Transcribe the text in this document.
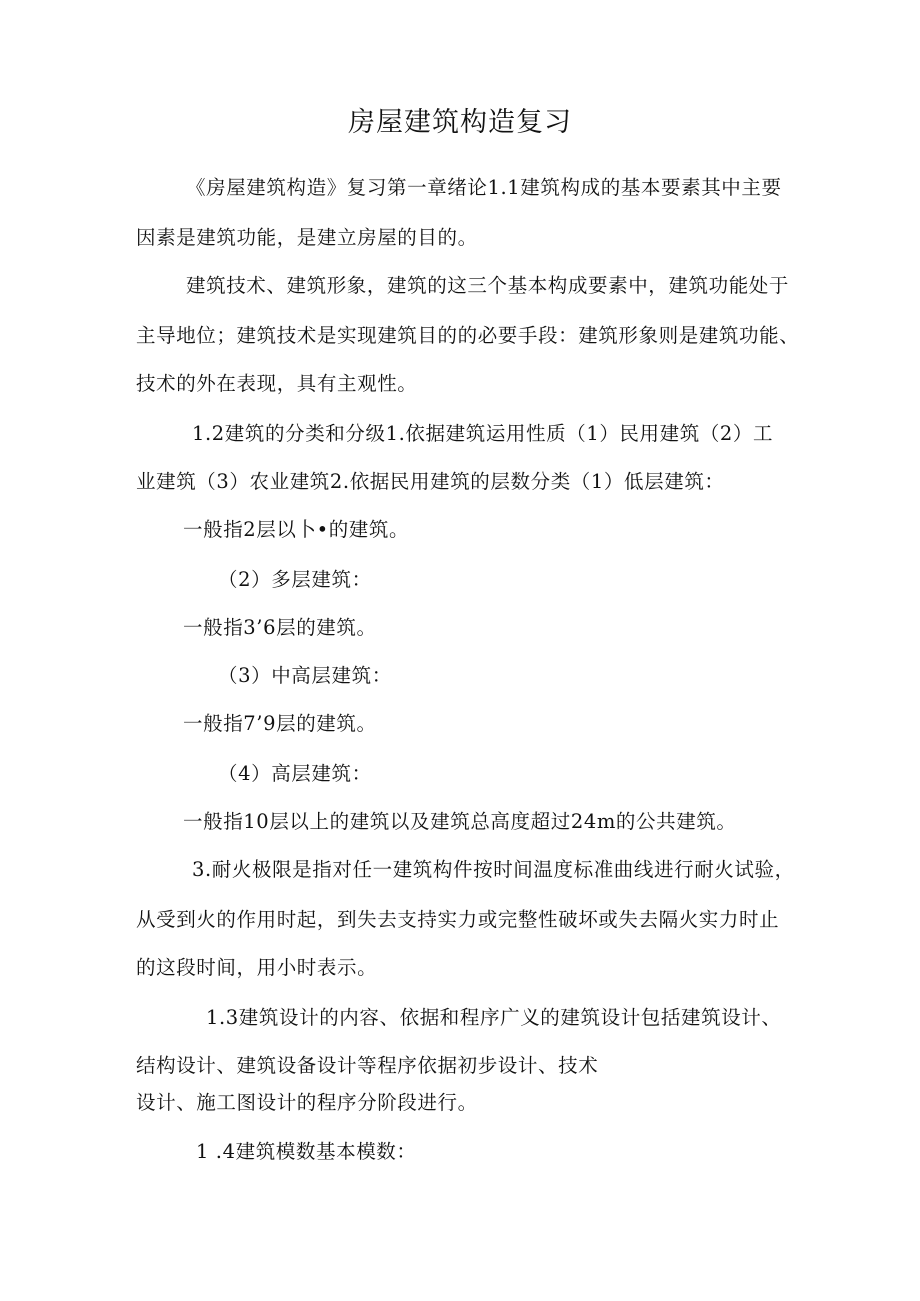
房屋建筑构造复习
《房屋建筑构造》复习第一章绪论1.1建筑构成的基本要素其中主要
因素是建筑功能，是建立房屋的目的。
建筑技术、建筑形象，建筑的这三个基本构成要素中，建筑功能处于
主导地位；建筑技术是实现建筑目的的必要手段：建筑形象则是建筑功能、
技术的外在表现，具有主观性。
1.2建筑的分类和分级1.依据建筑运用性质（1）民用建筑（2）工
业建筑（3）农业建筑2.依据民用建筑的层数分类（1）低层建筑：
一般指2层以卜•的建筑。
（2）多层建筑：
一般指3’6层的建筑。
（3）中高层建筑：
一般指7’9层的建筑。
（4）高层建筑：
一般指10层以上的建筑以及建筑总高度超过24m的公共建筑。
3.耐火极限是指对任一建筑构件按时间温度标准曲线进行耐火试验，
从受到火的作用时起，到失去支持实力或完整性破坏或失去隔火实力时止
的这段时间，用小时表示。
1.3建筑设计的内容、依据和程序广义的建筑设计包括建筑设计、
结构设计、建筑设备设计等程序依据初步设计、技术
设计、施工图设计的程序分阶段进行。
1 .4建筑模数基本模数：
